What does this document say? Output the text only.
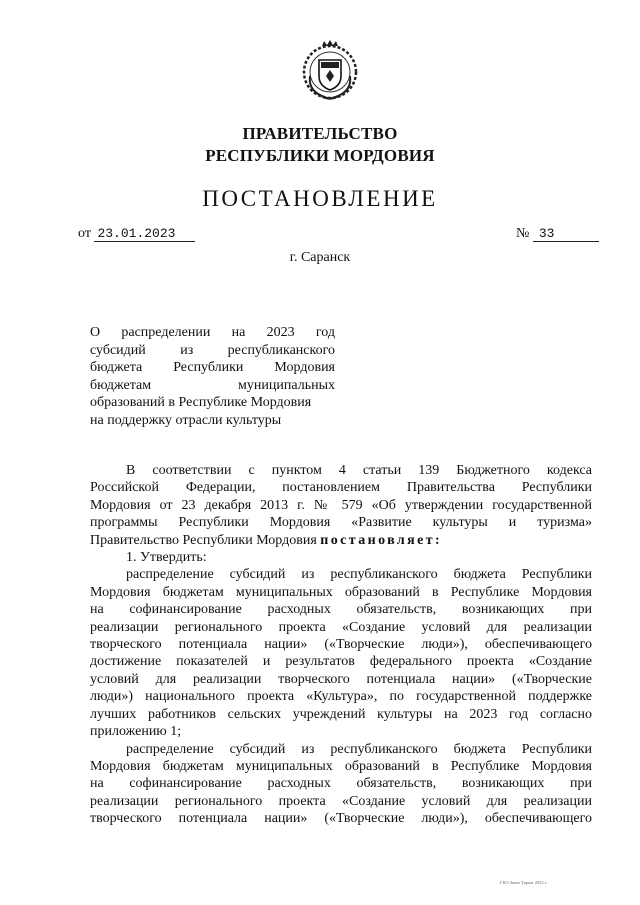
ПРАВИТЕЛЬСТВО
РЕСПУБЛИКИ МОРДОВИЯ
ПОСТАНОВЛЕНИЕ
от 23.01.2023	№ 33
г. Саранск
О распределении на 2023 год
субсидий из республиканского
бюджета Республики Мордовия
бюджетам муниципальных
образований в Республике Мордовия
на поддержку отрасли культуры
В соответствии с пунктом 4 статьи 139 Бюджетного кодекса
Российской Федерации, постановлением Правительства Республики
Мордовия от 23 декабря 2013 г. № 579 «Об утверждении государственной
программы Республики Мордовия «Развитие культуры и туризма»
Правительство Республики Мордовия постановляет:
1. Утвердить:
распределение субсидий из республиканского бюджета Республики
Мордовия бюджетам муниципальных образований в Республике Мордовия
на софинансирование расходных обязательств, возникающих при
реализации регионального проекта «Создание условий для реализации
творческого потенциала нации» («Творческие люди»), обеспечивающего
достижение показателей и результатов федерального проекта «Создание
условий для реализации творческого потенциала нации» («Творческие
люди») национального проекта «Культура», по государственной поддержке
лучших работников сельских учреждений культуры на 2023 год согласно
приложению 1;
распределение субсидий из республиканского бюджета Республики
Мордовия бюджетам муниципальных образований в Республике Мордовия
на софинансирование расходных обязательств, возникающих при
реализации регионального проекта «Создание условий для реализации
творческого потенциала нации» («Творческие люди»), обеспечивающего
ГКО Заказ Тираж 2023 г.
